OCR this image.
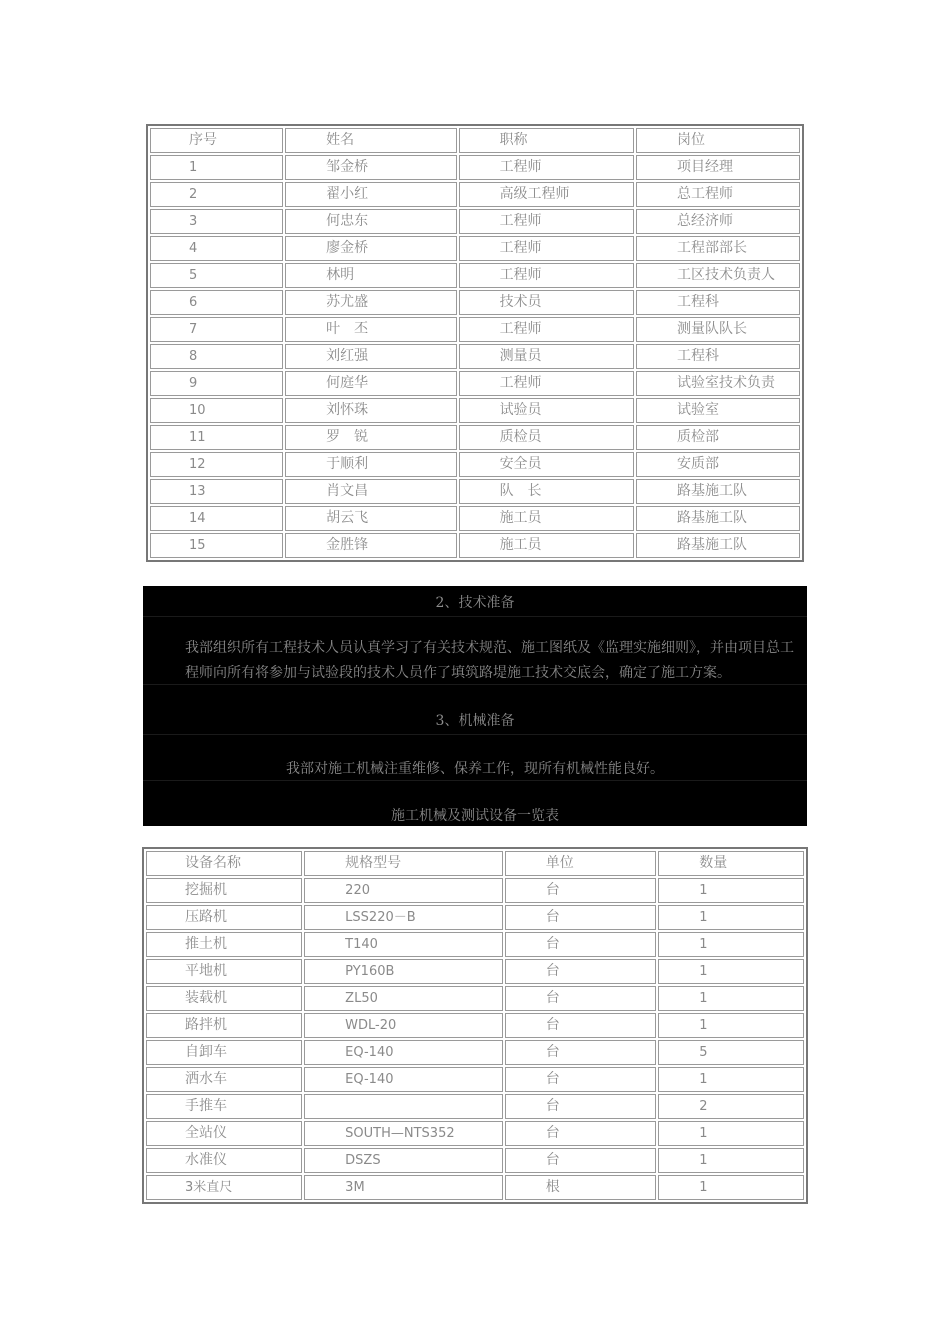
序号	姓名	职称	岗位
1	邹金桥	工程师	项目经理
2	翟小红	高级工程师	总工程师
3	何忠东	工程师	总经济师
4	廖金桥	工程师	工程部部长
5	林明	工程师	工区技术负责人
6	苏尤盛	技术员	工程科
7	叶　丕	工程师	测量队队长
8	刘红强	测量员	工程科
9	何庭华	工程师	试验室技术负责
10	刘怀珠	试验员	试验室
11	罗　锐	质检员	质检部
12	于顺利	安全员	安质部
13	肖文昌	队　长	路基施工队
14	胡云飞	施工员	路基施工队
15	金胜锋	施工员	路基施工队
2、技术准备
我部组织所有工程技术人员认真学习了有关技术规范、施工图纸及《监理实施细则》，并由项目总工程师向所有将参加与试验段的技术人员作了填筑路堤施工技术交底会，确定了施工方案。
3、机械准备
我部对施工机械注重维修、保养工作，现所有机械性能良好。
施工机械及测试设备一览表
设备名称	规格型号	单位	数量
挖掘机	220	台	1
压路机	LSS220－B	台	1
推土机	T140	台	1
平地机	PY160B	台	1
装载机	ZL50	台	1
路拌机	WDL-20	台	1
自卸车	EQ-140	台	5
洒水车	EQ-140	台	1
手推车		台	2
全站仪	SOUTH—NTS352	台	1
水准仪	DSZS	台	1
3米直尺	3M	根	1
